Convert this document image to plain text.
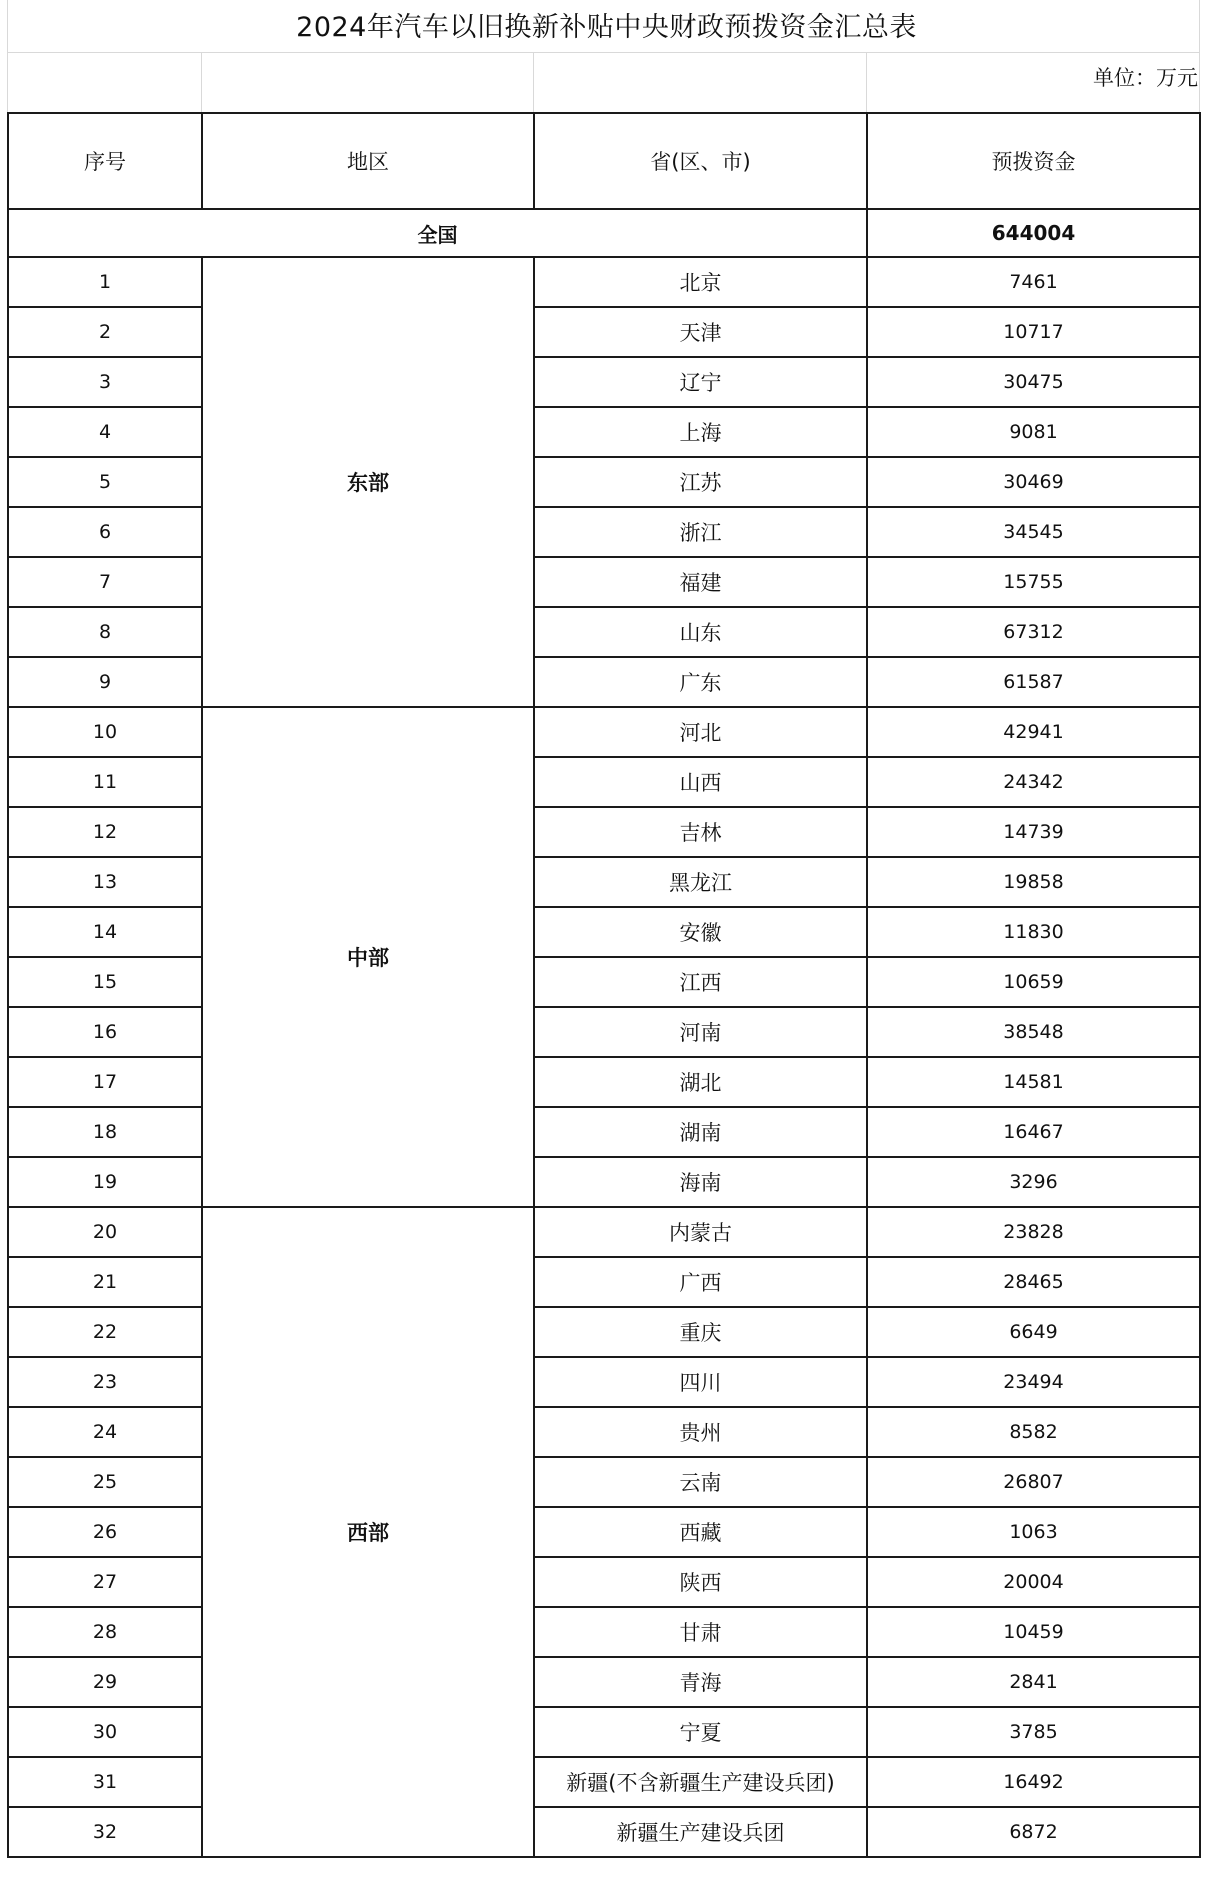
2024年汽车以旧换新补贴中央财政预拨资金汇总表
单位：万元
序号	地区	省(区、市)	预拨资金
全国			644004
1	东部	北京	7461
2		天津	10717
3		辽宁	30475
4		上海	9081
5		江苏	30469
6		浙江	34545
7		福建	15755
8		山东	67312
9		广东	61587
10	中部	河北	42941
11		山西	24342
12		吉林	14739
13		黑龙江	19858
14		安徽	11830
15		江西	10659
16		河南	38548
17		湖北	14581
18		湖南	16467
19		海南	3296
20	西部	内蒙古	23828
21		广西	28465
22		重庆	6649
23		四川	23494
24		贵州	8582
25		云南	26807
26		西藏	1063
27		陕西	20004
28		甘肃	10459
29		青海	2841
30		宁夏	3785
31		新疆(不含新疆生产建设兵团)	16492
32		新疆生产建设兵团	6872
